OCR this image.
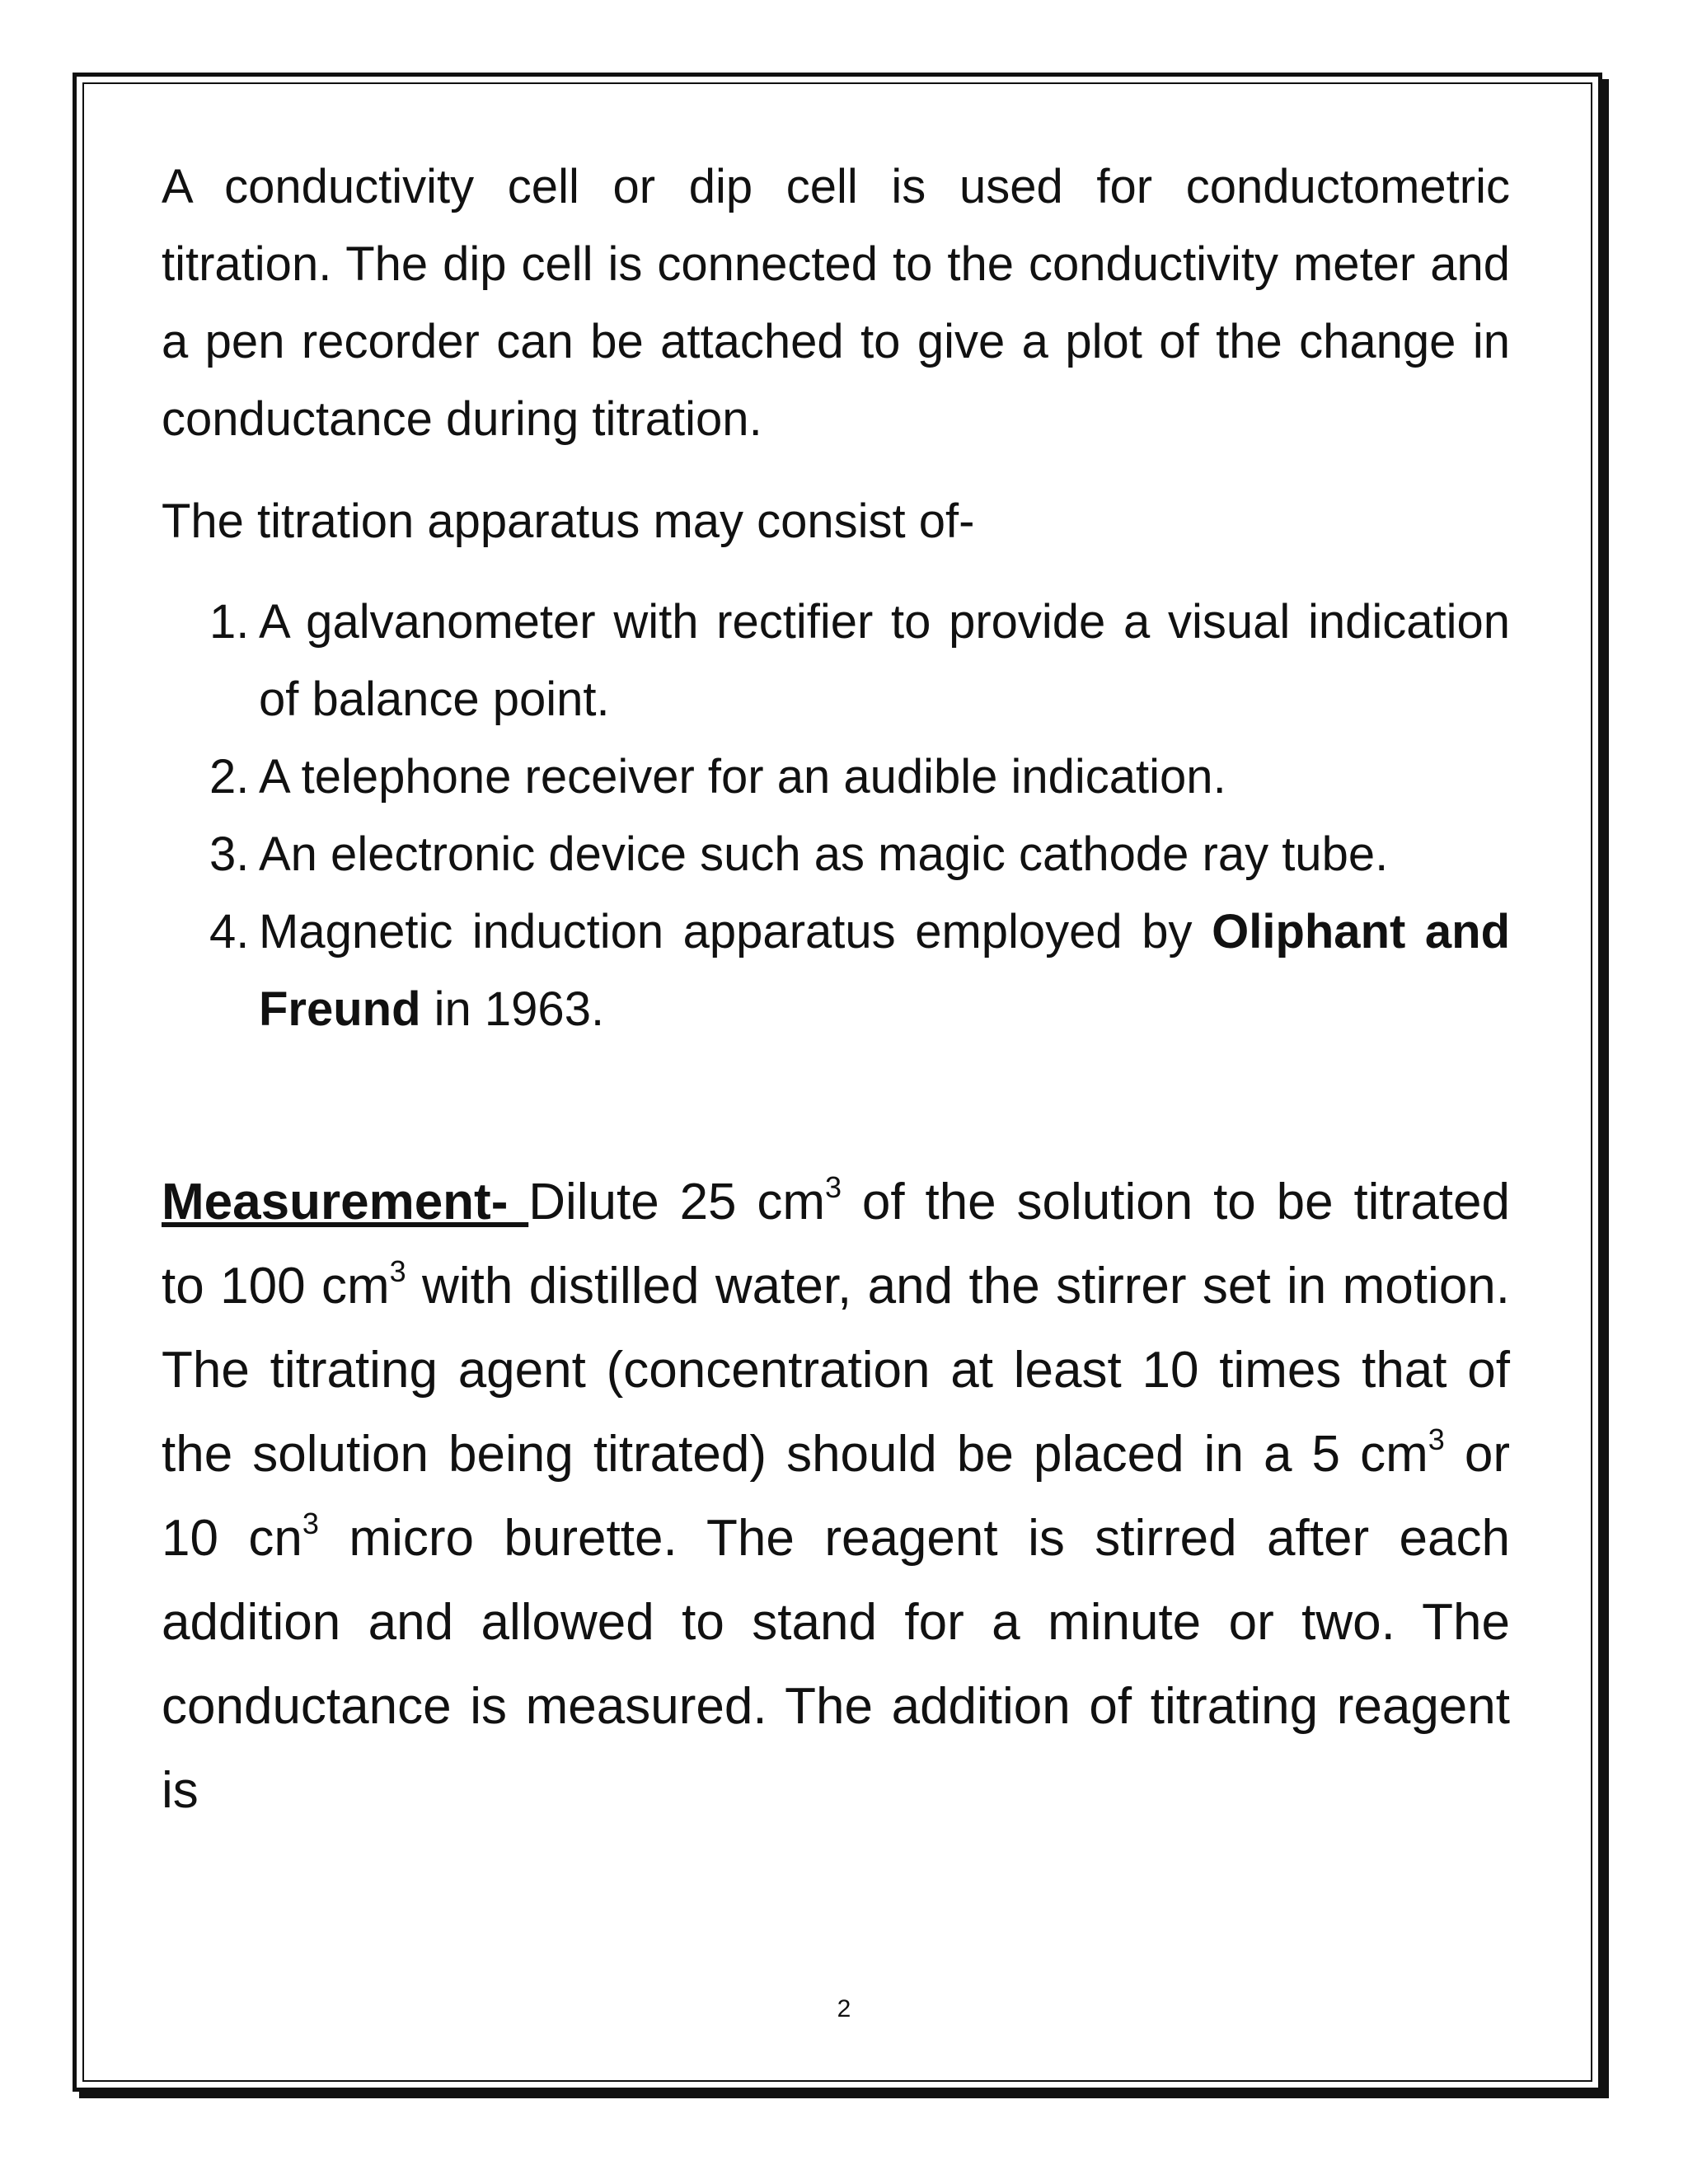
A conductivity cell or dip cell is used for conductometric titration. The dip cell is connected to the conductivity meter and a pen recorder can be attached to give a plot of the change in conductance during titration.

The titration apparatus may consist of-

1. A galvanometer with rectifier to provide a visual indication of balance point.
2. A telephone receiver for an audible indication.
3. An electronic device such as magic cathode ray tube.
4. Magnetic induction apparatus employed by Oliphant and Freund in 1963.

Measurement- Dilute 25 $cm^3$ of the solution to be titrated to 100 $cm^3$ with distilled water, and the stirrer set in motion. The titrating agent (concentration at least 10 times that of the solution being titrated) should be placed in a 5 $cm^3$ or 10 $cn^3$ micro burette. The reagent is stirred after each addition and allowed to stand for a minute or two. The conductance is measured. The addition of titrating reagent is

2
